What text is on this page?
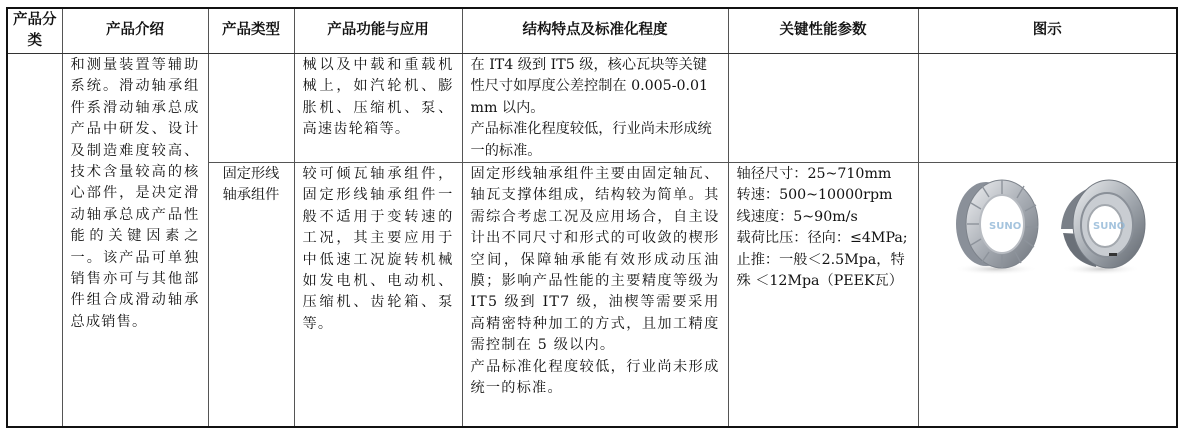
产品分类	产品介绍	产品类型	产品功能与应用	结构特点及标准化程度	关键性能参数	图示
	和测量装置等辅助系统。滑动轴承组件系滑动轴承总成产品中研发、设计及制造难度较高、技术含量较高的核心部件，是决定滑动轴承总成产品性能的关键因素之一。该产品可单独销售亦可与其他部件组合成滑动轴承总成销售。		械以及中载和重载机械上，如汽轮机、膨胀机、压缩机、泵、高速齿轮箱等。	在 IT4 级到 IT5 级，核心瓦块等关键性尺寸如厚度公差控制在 0.005-0.01mm 以内。
产品标准化程度较低，行业尚未形成统一的标准。		

		固定形线轴承组件	较可倾瓦轴承组件，固定形线轴承组件一般不适用于变转速的工况，其主要应用于中低速工况旋转机械如发电机、电动机、压缩机、齿轮箱、泵等。	固定形线轴承组件主要由固定轴瓦、轴瓦支撑体组成，结构较为简单。其需综合考虑工况及应用场合，自主设计出不同尺寸和形式的可收敛的楔形空间，保障轴承能有效形成动压油膜；影响产品性能的主要精度等级为 IT5 级到 IT7 级，油楔等需要采用高精密特种加工的方式，且加工精度需控制在 5 级以内。
产品标准化程度较低，行业尚未形成统一的标准。	轴径尺寸：25~710mm
转速：500~10000rpm
线速度：5~90m/s
载荷比压：径向：≤4MPa;
止推：一般＜2.5Mpa，特殊 ＜12Mpa（PEEK瓦）	SUNO SUNO
